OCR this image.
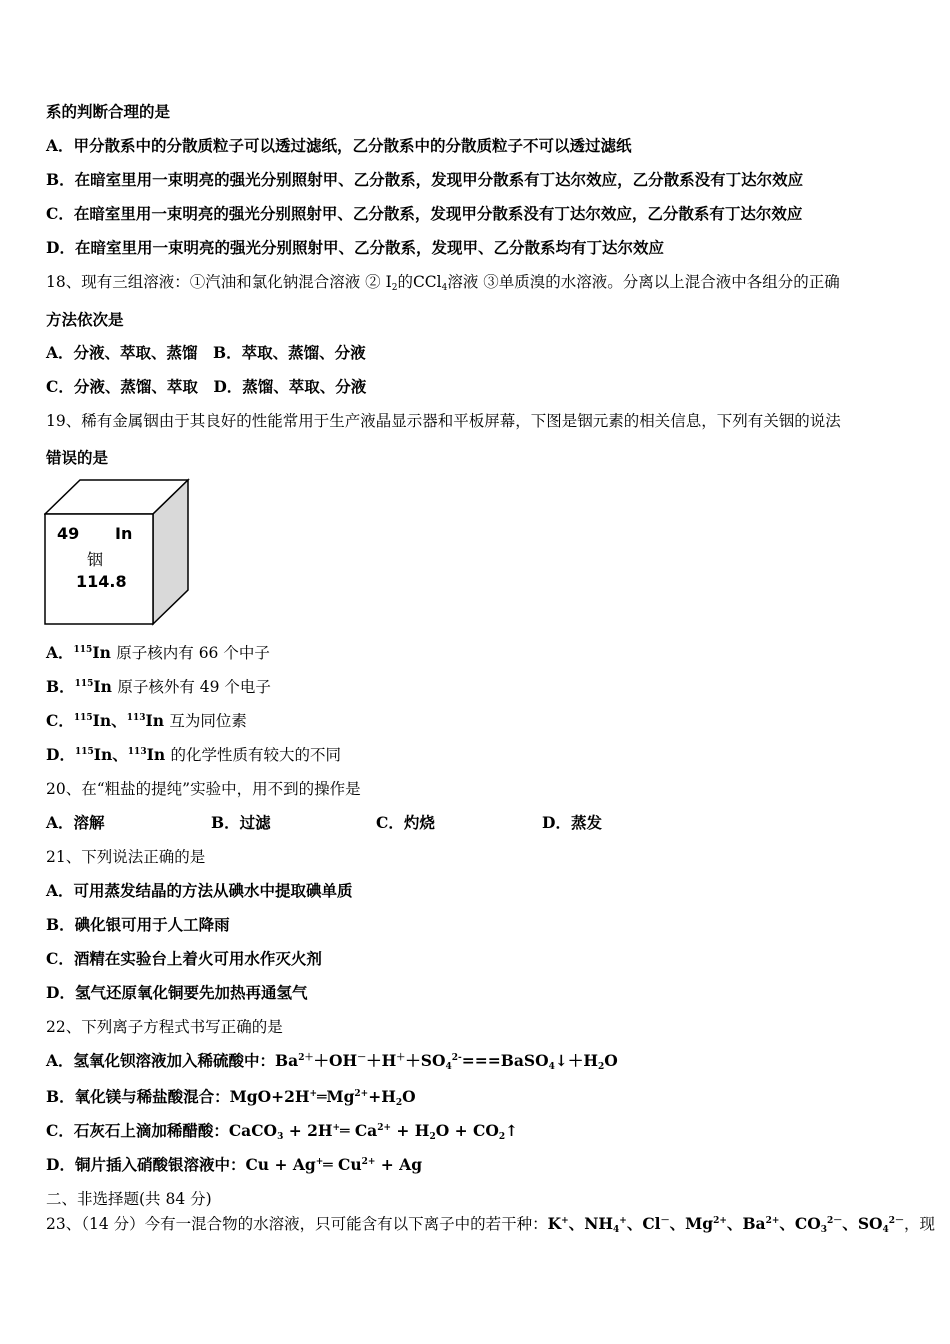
系的判断合理的是
A．甲分散系中的分散质粒子可以透过滤纸，乙分散系中的分散质粒子不可以透过滤纸
B．在暗室里用一束明亮的强光分别照射甲、乙分散系，发现甲分散系有丁达尔效应，乙分散系没有丁达尔效应
C．在暗室里用一束明亮的强光分别照射甲、乙分散系，发现甲分散系没有丁达尔效应，乙分散系有丁达尔效应
D．在暗室里用一束明亮的强光分别照射甲、乙分散系，发现甲、乙分散系均有丁达尔效应
18、现有三组溶液：①汽油和氯化钠混合溶液 ② $I_2$的CCl$_4$溶液 ③单质溴的水溶液。分离以上混合液中各组分的正确
方法依次是
A．分液、萃取、蒸馏　B．萃取、蒸馏、分液
C．分液、蒸馏、萃取　D．蒸馏、萃取、分液
19、稀有金属铟由于其良好的性能常用于生产液晶显示器和平板屏幕，下图是铟元素的相关信息，下列有关铟的说法
错误的是
49 In
铟
114.8
A．$^{115}$In 原子核内有 66 个中子
B．$^{115}$In 原子核外有 49 个电子
C．$^{115}$In、$^{113}$In 互为同位素
D．$^{115}$In、$^{113}$In 的化学性质有较大的不同
20、在“粗盐的提纯”实验中，用不到的操作是
A．溶解	B．过滤	C．灼烧	D．蒸发
21、下列说法正确的是
A．可用蒸发结晶的方法从碘水中提取碘单质
B．碘化银可用于人工降雨
C．酒精在实验台上着火可用水作灭火剂
D．氢气还原氧化铜要先加热再通氢气
22、下列离子方程式书写正确的是
A．氢氧化钡溶液加入稀硫酸中：$Ba^{2+}+OH^-+H^++SO_4^{2-}===BaSO_4↓+H_2O$
B．氧化镁与稀盐酸混合：$MgO+2H^+═Mg^{2+}+H_2O$
C．石灰石上滴加稀醋酸：CaCO$_3$ + 2H+═ $Ca^{2+} + H_2O$ + $CO_2↑$
D．铜片插入硝酸银溶液中：Cu + Ag+═ $Cu^{2+} + Ag$
二、非选择题(共 84 分)
23、（14 分）今有一混合物的水溶液，只可能含有以下离子中的若干种：K+、$NH_4^+$、Cl－、$Mg^{2+}$、$Ba^{2+}$、$CO_3^{2-}$、$SO_4^{2-}$，现
